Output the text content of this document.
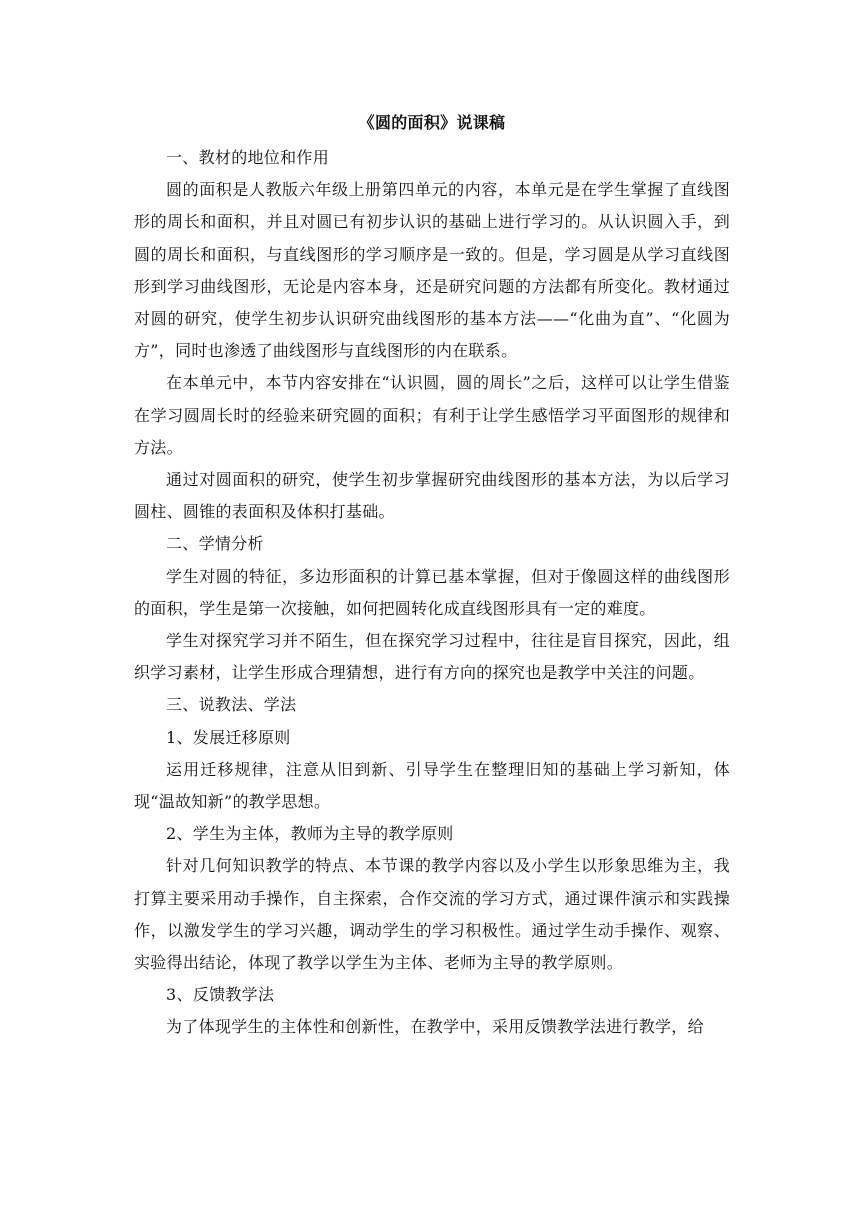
《圆的面积》说课稿

一、教材的地位和作用

圆的面积是人教版六年级上册第四单元的内容，本单元是在学生掌握了直线图形的周长和面积，并且对圆已有初步认识的基础上进行学习的。从认识圆入手，到圆的周长和面积，与直线图形的学习顺序是一致的。但是，学习圆是从学习直线图形到学习曲线图形，无论是内容本身，还是研究问题的方法都有所变化。教材通过对圆的研究，使学生初步认识研究曲线图形的基本方法——“化曲为直”、“化圆为方”，同时也渗透了曲线图形与直线图形的内在联系。

在本单元中，本节内容安排在“认识圆，圆的周长”之后，这样可以让学生借鉴在学习圆周长时的经验来研究圆的面积；有利于让学生感悟学习平面图形的规律和方法。

通过对圆面积的研究，使学生初步掌握研究曲线图形的基本方法，为以后学习圆柱、圆锥的表面积及体积打基础。

二、学情分析

学生对圆的特征，多边形面积的计算已基本掌握，但对于像圆这样的曲线图形的面积，学生是第一次接触，如何把圆转化成直线图形具有一定的难度。

学生对探究学习并不陌生，但在探究学习过程中，往往是盲目探究，因此，组织学习素材，让学生形成合理猜想，进行有方向的探究也是教学中关注的问题。

三、说教法、学法

1、发展迁移原则

运用迁移规律，注意从旧到新、引导学生在整理旧知的基础上学习新知，体现“温故知新”的教学思想。

2、学生为主体，教师为主导的教学原则

针对几何知识教学的特点、本节课的教学内容以及小学生以形象思维为主，我打算主要采用动手操作，自主探索，合作交流的学习方式，通过课件演示和实践操作，以激发学生的学习兴趣，调动学生的学习积极性。通过学生动手操作、观察、实验得出结论，体现了教学以学生为主体、老师为主导的教学原则。

3、反馈教学法

为了体现学生的主体性和创新性，在教学中，采用反馈教学法进行教学，给
